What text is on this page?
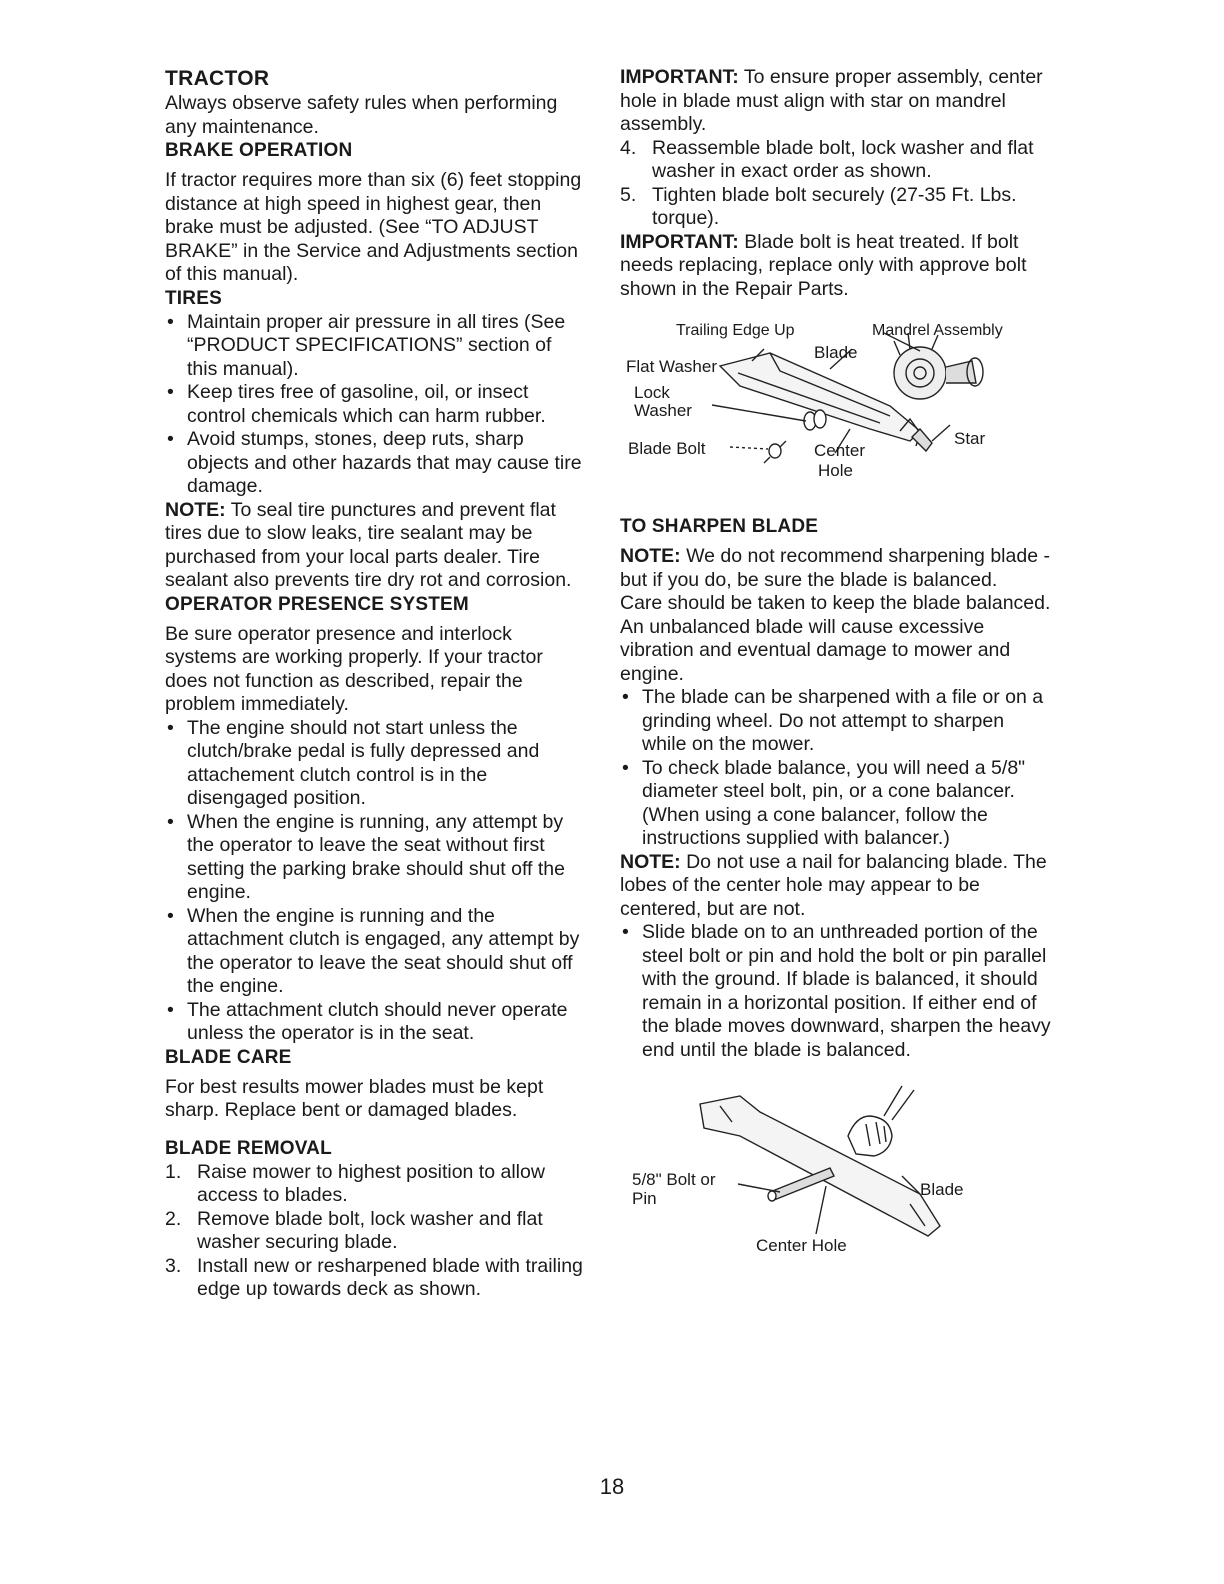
TRACTOR

Always observe safety rules when performing any maintenance.

BRAKE OPERATION

If tractor requires more than six (6) feet stopping distance at high speed in highest gear, then brake must be adjusted. (See “TO ADJUST BRAKE” in the Service and Adjustments section of this manual).

TIRES
• Maintain proper air pressure in all tires (See “PRODUCT SPECIFICATIONS” section of this manual).
• Keep tires free of gasoline, oil, or insect control chemicals which can harm rubber.
• Avoid stumps, stones, deep ruts, sharp objects and other hazards that may cause tire damage.

NOTE: To seal tire punctures and prevent flat tires due to slow leaks, tire sealant may be purchased from your local parts dealer. Tire sealant also prevents tire dry rot and corrosion.

OPERATOR PRESENCE SYSTEM

Be sure operator presence and interlock systems are working properly. If your tractor does not function as described, repair the problem immediately.

• The engine should not start unless the clutch/brake pedal is fully depressed and attachement clutch control is in the disengaged position.
• When the engine is running, any attempt by the operator to leave the seat without first setting the parking brake should shut off the engine.
• When the engine is running and the attachment clutch is engaged, any attempt by the operator to leave the seat should shut off the engine.
• The attachment clutch should never operate unless the operator is in the seat.
BLADE CARE

For best results mower blades must be kept sharp. Replace bent or damaged blades.

BLADE REMOVAL
1. Raise mower to highest position to allow access to blades.
2. Remove blade bolt, lock washer and flat washer securing blade.
3. Install new or resharpened blade with trailing edge up towards deck as shown.

IMPORTANT: To ensure proper assembly, center hole in blade must align with star on mandrel assembly.

4. Reassemble blade bolt, lock washer and flat washer in exact order as shown.
5. Tighten blade bolt securely (27-35 Ft. Lbs. torque).

IMPORTANT: Blade bolt is heat treated. If bolt needs replacing, replace only with approve bolt shown in the Repair Parts.

Trailing Edge Up	Mandrel Assembly
Flat Washer
Blade
Lock
Washer
Blade Bolt
Star
Center
Hole
TO SHARPEN BLADE

NOTE: We do not recommend sharpening blade - but if you do, be sure the blade is balanced.

Care should be taken to keep the blade balanced. An unbalanced blade will cause excessive vibration and eventual damage to mower and engine.

• The blade can be sharpened with a file or on a grinding wheel. Do not attempt to sharpen while on the mower.
• To check blade balance, you will need a 5/8" diameter steel bolt, pin, or a cone balancer. (When using a cone balancer, follow the instructions supplied with balancer.)

NOTE: Do not use a nail for balancing blade. The lobes of the center hole may appear to be centered, but are not.

• Slide blade on to an unthreaded portion of the steel bolt or pin and hold the bolt or pin parallel with the ground. If blade is balanced, it should remain in a horizontal position. If either end of the blade moves downward, sharpen the heavy end until the blade is balanced.
5/8" Bolt or
Pin	Blade
Center Hole
18
